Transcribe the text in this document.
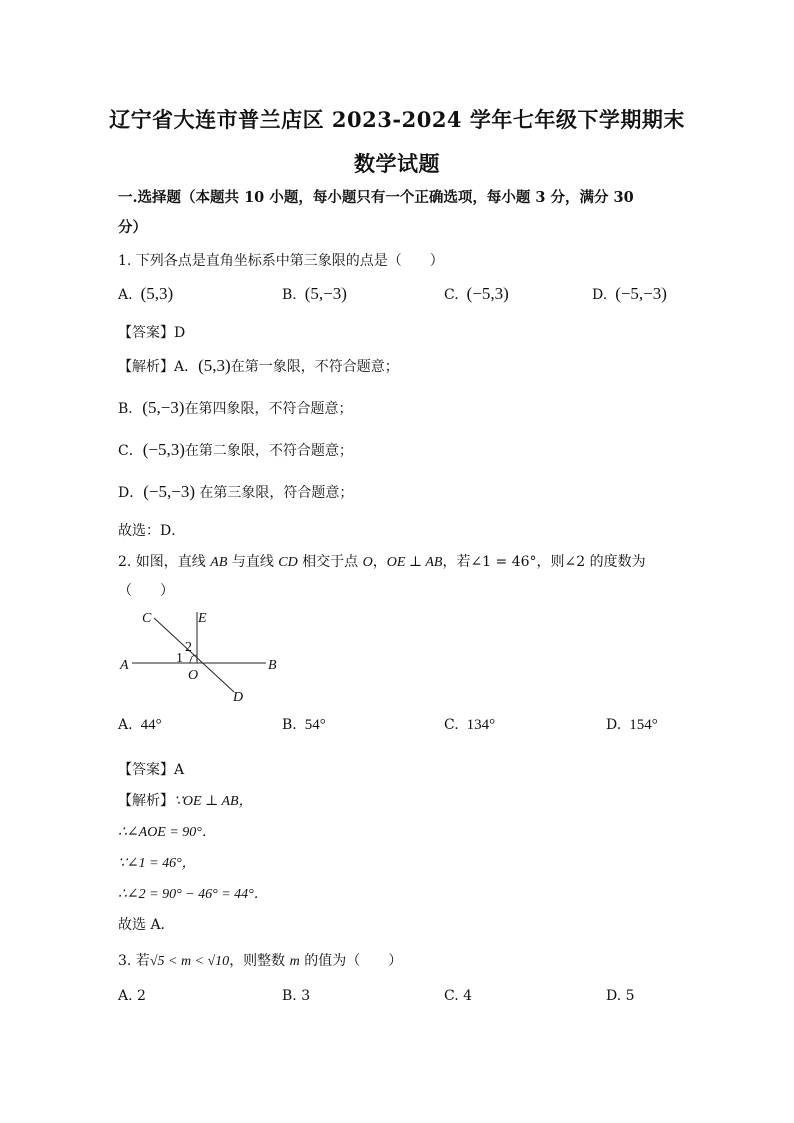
辽宁省大连市普兰店区 2023-2024 学年七年级下学期期末
数学试题
一.选择题（本题共 10 小题，每小题只有一个正确选项，每小题 3 分，满分 30
分）
1. 下列各点是直角坐标系中第三象限的点是（　　）
A. (5,3)	B. (5,−3)	C. (−5,3)	D. (−5,−3)
【答案】D
【解析】A．(5,3)在第一象限，不符合题意；
B．(5,−3)在第四象限，不符合题意；
C．(−5,3)在第二象限，不符合题意；
D．(−5,−3) 在第三象限，符合题意；
故选：D．
2. 如图，直线 AB 与直线 CD 相交于点 O，OE ⊥ AB，若∠1 = 46°，则∠2 的度数为
（　　）
C	E
2
1
A
O
B
D
A. 44°	B. 54°	C. 134°	D. 154°
【答案】A
【解析】∵OE ⊥ AB，
∴∠AOE = 90°．
∵∠1 = 46°，
∴∠2 = 90° − 46° = 44°．
故选 A．
3. 若√5 < m < √10，则整数 m 的值为（　　）
A. 2	B. 3	C. 4	D. 5
